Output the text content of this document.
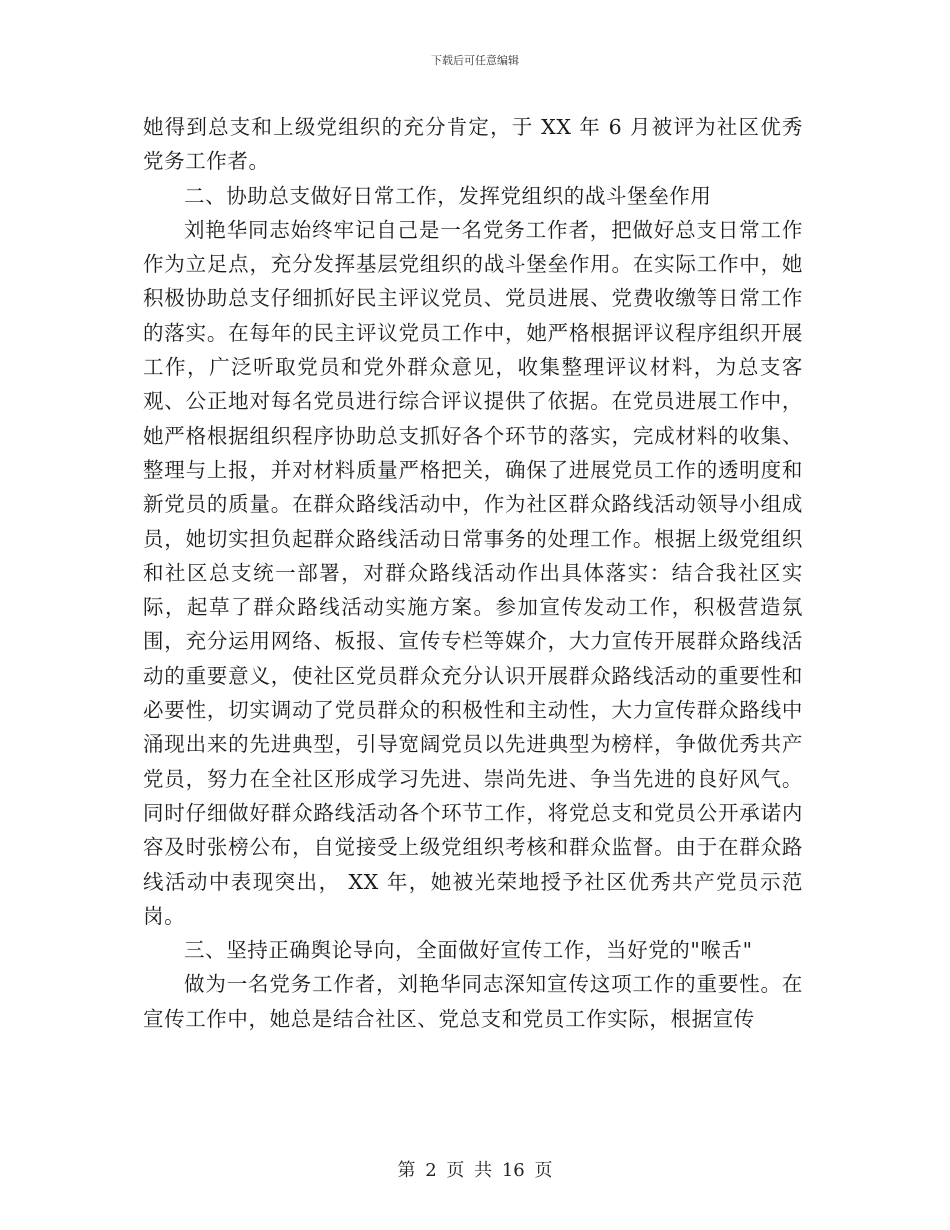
下载后可任意编辑

她得到总支和上级党组织的充分肯定，于 XX 年 6 月被评为社区优秀党务工作者。

二、协助总支做好日常工作，发挥党组织的战斗堡垒作用

刘艳华同志始终牢记自己是一名党务工作者，把做好总支日常工作作为立足点，充分发挥基层党组织的战斗堡垒作用。在实际工作中，她积极协助总支仔细抓好民主评议党员、党员进展、党费收缴等日常工作的落实。在每年的民主评议党员工作中，她严格根据评议程序组织开展工作，广泛听取党员和党外群众意见，收集整理评议材料，为总支客观、公正地对每名党员进行综合评议提供了依据。在党员进展工作中，她严格根据组织程序协助总支抓好各个环节的落实，完成材料的收集、整理与上报，并对材料质量严格把关，确保了进展党员工作的透明度和新党员的质量。在群众路线活动中，作为社区群众路线活动领导小组成员，她切实担负起群众路线活动日常事务的处理工作。根据上级党组织和社区总支统一部署，对群众路线活动作出具体落实：结合我社区实际，起草了群众路线活动实施方案。参加宣传发动工作，积极营造氛围，充分运用网络、板报、宣传专栏等媒介，大力宣传开展群众路线活动的重要意义，使社区党员群众充分认识开展群众路线活动的重要性和必要性，切实调动了党员群众的积极性和主动性，大力宣传群众路线中涌现出来的先进典型，引导宽阔党员以先进典型为榜样，争做优秀共产党员，努力在全社区形成学习先进、崇尚先进、争当先进的良好风气。同时仔细做好群众路线活动各个环节工作，将党总支和党员公开承诺内容及时张榜公布，自觉接受上级党组织考核和群众监督。由于在群众路线活动中表现突出， XX 年，她被光荣地授予社区优秀共产党员示范岗。

三、坚持正确舆论导向，全面做好宣传工作，当好党的"喉舌"

做为一名党务工作者，刘艳华同志深知宣传这项工作的重要性。在宣传工作中，她总是结合社区、党总支和党员工作实际，根据宣传

第 2 页 共 16 页
